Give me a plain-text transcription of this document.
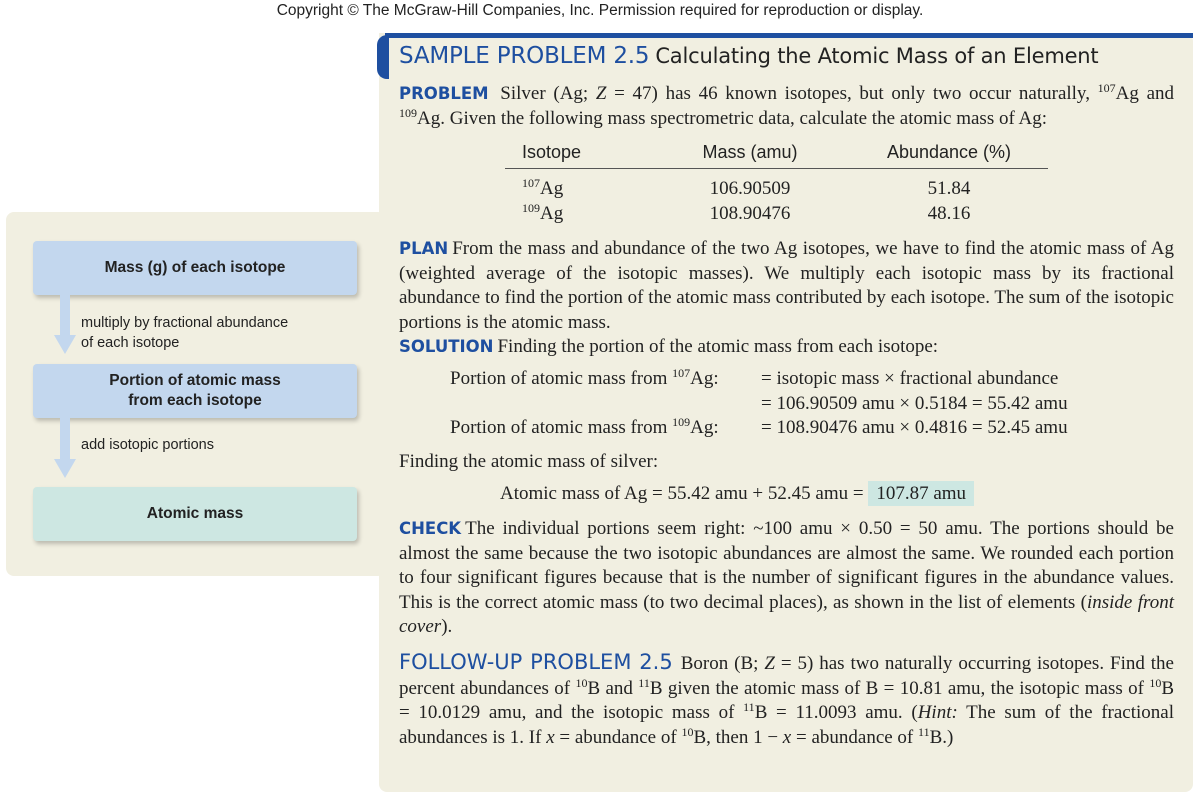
Copyright © The McGraw-Hill Companies, Inc. Permission required for reproduction or display.
Mass (g) of each isotope
multiply by fractional abundance
of each isotope
Portion of atomic mass
from each isotope
add isotopic portions
Atomic mass
SAMPLE PROBLEM 2.5 Calculating the Atomic Mass of an Element
PROBLEM Silver (Ag; Z = 47) has 46 known isotopes, but only two occur naturally, $^{107}$Ag and $^{109}$Ag. Given the following mass spectrometric data, calculate the atomic mass of Ag:
Isotope	Mass (amu)	Abundance (%)
$^{107}$Ag	106.90509	51.84
$^{109}$Ag	108.90476	48.16
PLAN From the mass and abundance of the two Ag isotopes, we have to find the atomic mass of Ag (weighted average of the isotopic masses). We multiply each isotopic mass by its fractional abundance to find the portion of the atomic mass contributed by each isotope. The sum of the isotopic portions is the atomic mass.
SOLUTION Finding the portion of the atomic mass from each isotope:
Portion of atomic mass from $^{107}$Ag: = isotopic mass × fractional abundance
= 106.90509 amu × 0.5184 = 55.42 amu
Portion of atomic mass from $^{109}$Ag: = 108.90476 amu × 0.4816 = 52.45 amu
Finding the atomic mass of silver:
Atomic mass of Ag = 55.42 amu + 52.45 amu = 107.87 amu
CHECK The individual portions seem right: ~100 amu × 0.50 = 50 amu. The portions should be almost the same because the two isotopic abundances are almost the same. We rounded each portion to four significant figures because that is the number of significant figures in the abundance values. This is the correct atomic mass (to two decimal places), as shown in the list of elements (inside front cover).
FOLLOW-UP PROBLEM 2.5 Boron (B; Z = 5) has two naturally occurring isotopes. Find the percent abundances of $^{10}$B and $^{11}$B given the atomic mass of B = 10.81 amu, the isotopic mass of $^{10}$B = 10.0129 amu, and the isotopic mass of $^{11}$B = 11.0093 amu. (Hint: The sum of the fractional abundances is 1. If x = abundance of $^{10}$B, then 1 − x = abundance of $^{11}$B.)
